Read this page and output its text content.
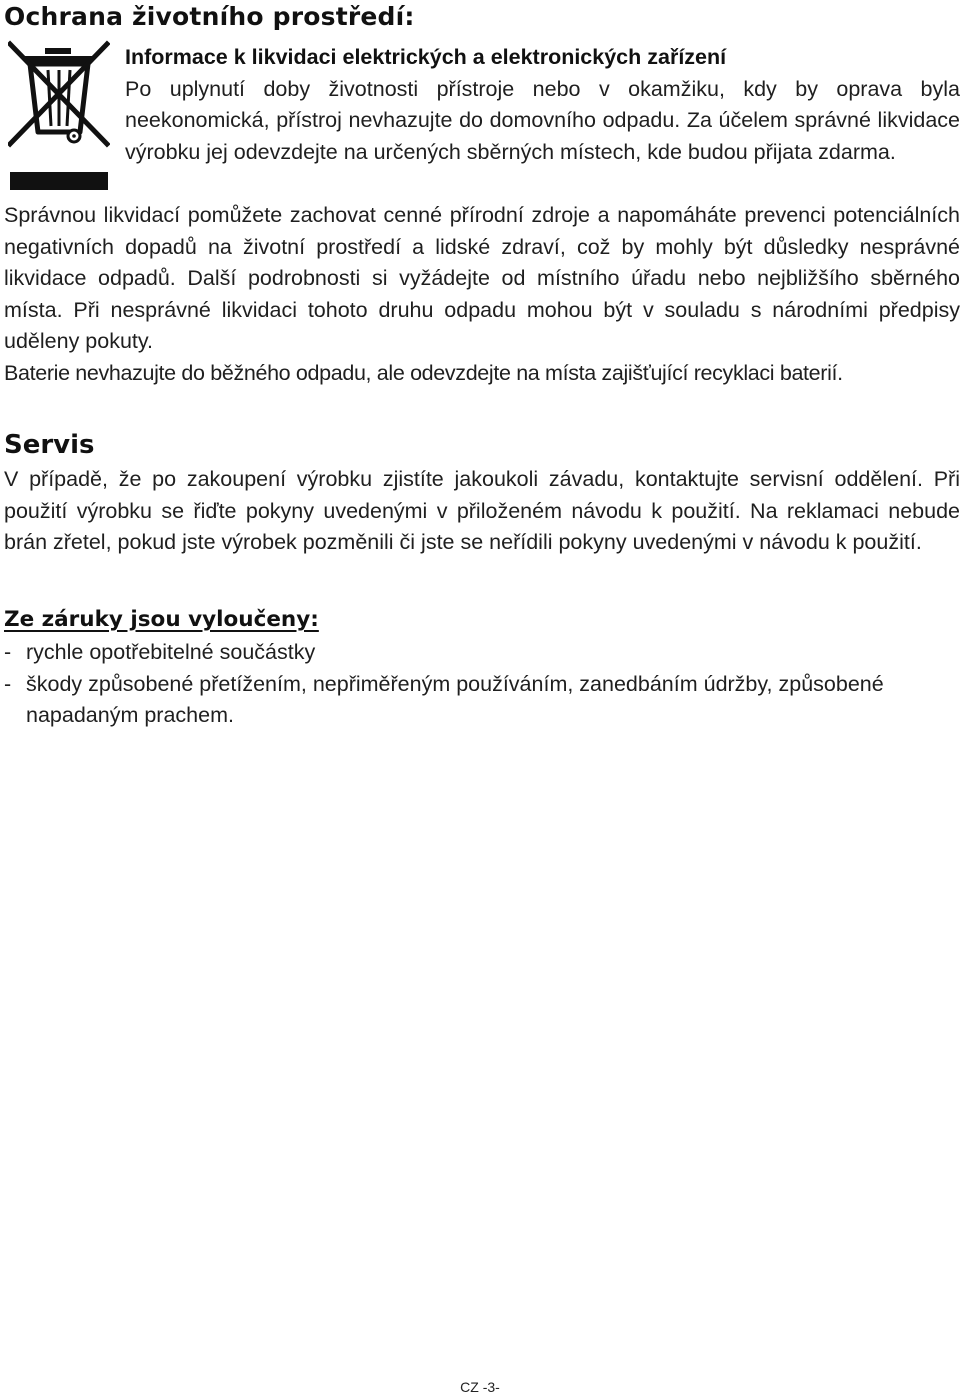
Ochrana životního prostředí:

Informace k likvidaci elektrických a elektronických zařízení

Po uplynutí doby životnosti přístroje nebo v okamžiku, kdy by oprava byla neekonomická, přístroj nevhazujte do domovního odpadu. Za účelem správné likvidace výrobku jej odevzdejte na určených sběrných místech, kde budou přijata zdarma.

Správnou likvidací pomůžete zachovat cenné přírodní zdroje a napomáháte prevenci potenciálních negativních dopadů na životní prostředí a lidské zdraví, což by mohly být důsledky nesprávné likvidace odpadů. Další podrobnosti si vyžádejte od místního úřadu nebo nejbližšího sběrného místa. Při nesprávné likvidaci tohoto druhu odpadu mohou být v souladu s národními předpisy uděleny pokuty.

Baterie nevhazujte do běžného odpadu, ale odevzdejte na místa zajišťující recyklaci baterií.

Servis

V případě, že po zakoupení výrobku zjistíte jakoukoli závadu, kontaktujte servisní oddělení. Při použití výrobku se řiďte pokyny uvedenými v přiloženém návodu k použití. Na reklamaci nebude brán zřetel, pokud jste výrobek pozměnili či jste se neřídili pokyny uvedenými v návodu k použití.

Ze záruky jsou vyloučeny:
- rychle opotřebitelné součástky
- škody způsobené přetížením, nepřiměřeným používáním, zanedbáním údržby, způsobené napadaným prachem.
CZ -3-
